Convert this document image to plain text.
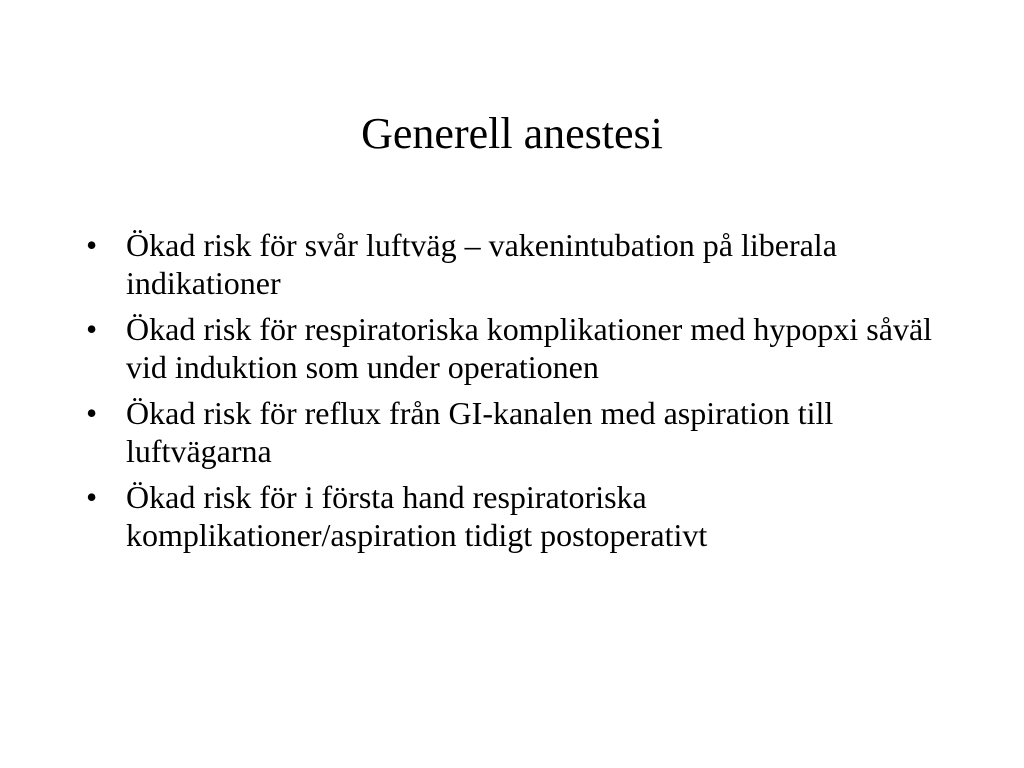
Generell anestesi
• Ökad risk för svår luftväg – vakenintubation på liberala indikationer
• Ökad risk för respiratoriska komplikationer med hypopxi såväl vid induktion som under operationen
• Ökad risk för reflux från GI-kanalen med aspiration till luftvägarna
• Ökad risk för i första hand respiratoriska komplikationer/aspiration tidigt postoperativt
